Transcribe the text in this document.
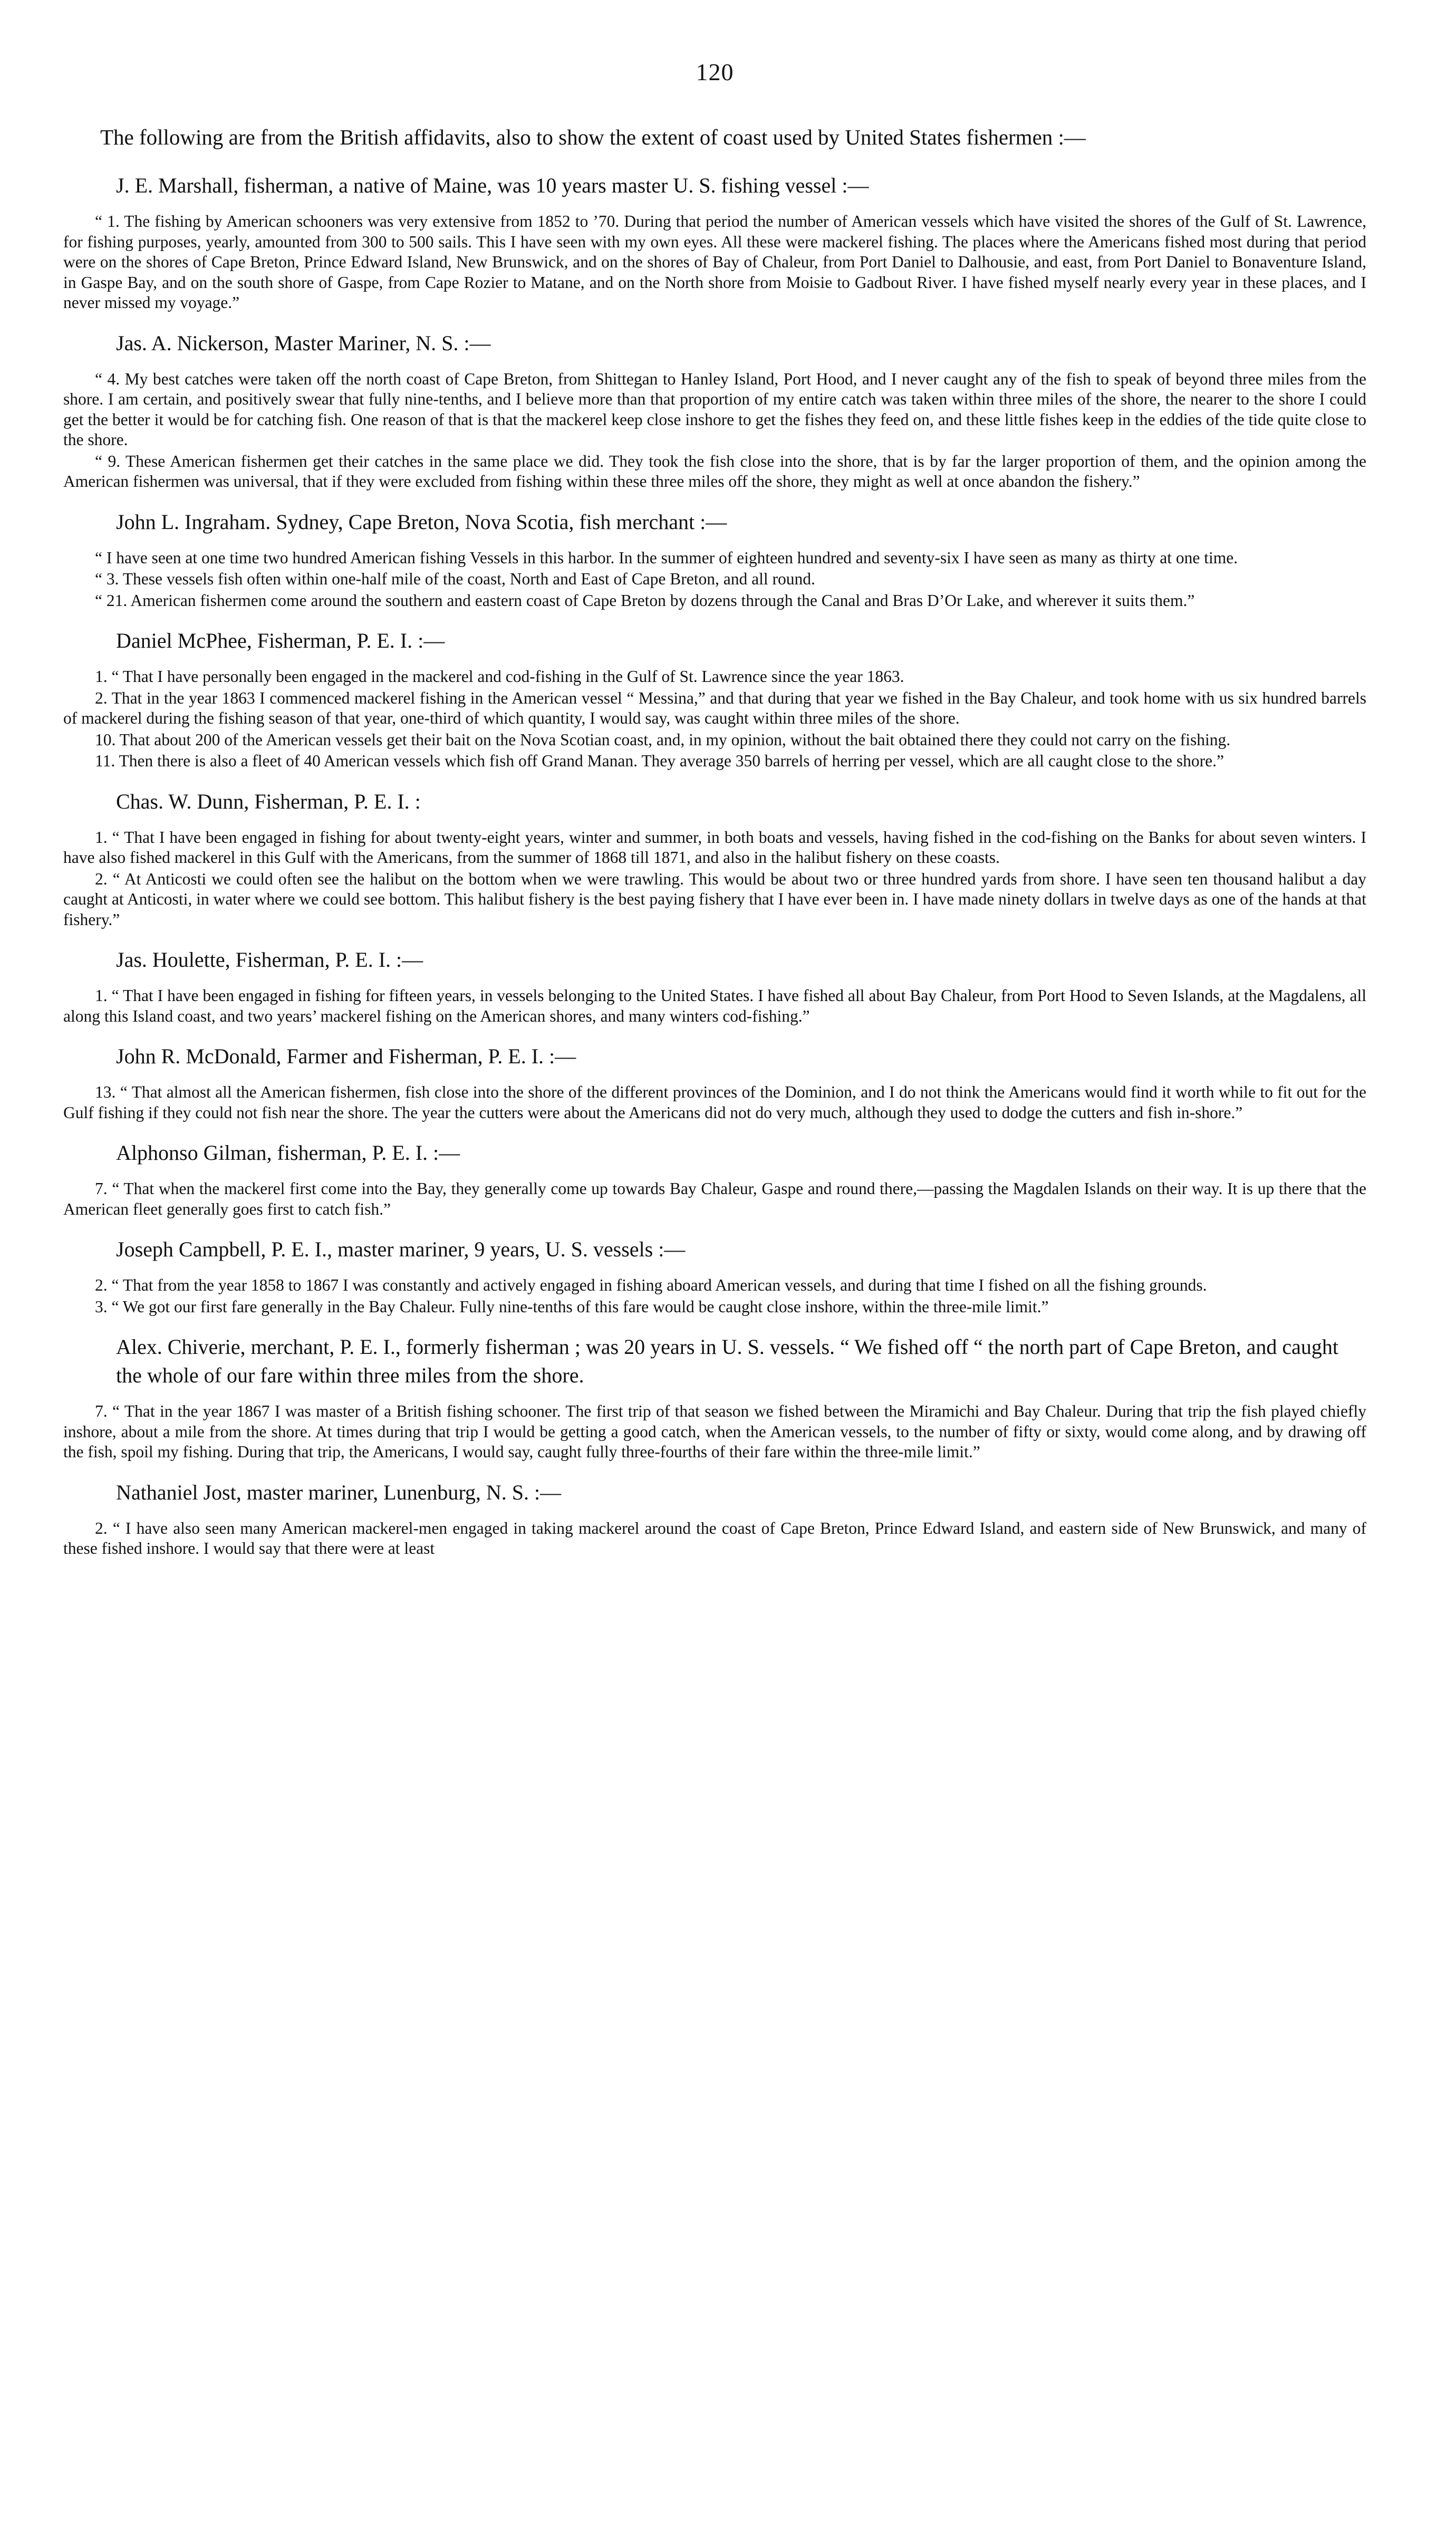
120
The following are from the British affidavits, also to show the extent of coast used by United States fishermen :—
J. E. Marshall, fisherman, a native of Maine, was 10 years master U. S. fishing vessel :—
“ 1. The fishing by American schooners was very extensive from 1852 to ’70. During that period the number of American vessels which have visited the shores of the Gulf of St. Lawrence, for fishing purposes, yearly, amounted from 300 to 500 sails. This I have seen with my own eyes. All these were mackerel fishing. The places where the Americans fished most during that period were on the shores of Cape Breton, Prince Edward Island, New Brunswick, and on the shores of Bay of Chaleur, from Port Daniel to Dalhousie, and east, from Port Daniel to Bonaventure Island, in Gaspe Bay, and on the south shore of Gaspe, from Cape Rozier to Matane, and on the North shore from Moisie to Gadbout River. I have fished myself nearly every year in these places, and I never missed my voyage.”
Jas. A. Nickerson, Master Mariner, N. S. :—
“ 4. My best catches were taken off the north coast of Cape Breton, from Shittegan to Hanley Island, Port Hood, and I never caught any of the fish to speak of beyond three miles from the shore. I am certain, and positively swear that fully nine-tenths, and I believe more than that proportion of my entire catch was taken within three miles of the shore, the nearer to the shore I could get the better it would be for catching fish. One reason of that is that the mackerel keep close inshore to get the fishes they feed on, and these little fishes keep in the eddies of the tide quite close to the shore.
“ 9. These American fishermen get their catches in the same place we did. They took the fish close into the shore, that is by far the larger proportion of them, and the opinion among the American fishermen was universal, that if they were excluded from fishing within these three miles off the shore, they might as well at once abandon the fishery.”
John L. Ingraham. Sydney, Cape Breton, Nova Scotia, fish merchant :—
“ I have seen at one time two hundred American fishing Vessels in this harbor. In the summer of eighteen hundred and seventy-six I have seen as many as thirty at one time.
“ 3. These vessels fish often within one-half mile of the coast, North and East of Cape Breton, and all round.
“ 21. American fishermen come around the southern and eastern coast of Cape Breton by dozens through the Canal and Bras D’Or Lake, and wherever it suits them.”
Daniel McPhee, Fisherman, P. E. I. :—
1. “ That I have personally been engaged in the mackerel and cod-fishing in the Gulf of St. Lawrence since the year 1863.
2. That in the year 1863 I commenced mackerel fishing in the American vessel “ Messina,” and that during that year we fished in the Bay Chaleur, and took home with us six hundred barrels of mackerel during the fishing season of that year, one-third of which quantity, I would say, was caught within three miles of the shore.
10. That about 200 of the American vessels get their bait on the Nova Scotian coast, and, in my opinion, without the bait obtained there they could not carry on the fishing.
11. Then there is also a fleet of 40 American vessels which fish off Grand Manan. They average 350 barrels of herring per vessel, which are all caught close to the shore.”
Chas. W. Dunn, Fisherman, P. E. I. :
1. “ That I have been engaged in fishing for about twenty-eight years, winter and summer, in both boats and vessels, having fished in the cod-fishing on the Banks for about seven winters. I have also fished mackerel in this Gulf with the Americans, from the summer of 1868 till 1871, and also in the halibut fishery on these coasts.
2. “ At Anticosti we could often see the halibut on the bottom when we were trawling. This would be about two or three hundred yards from shore. I have seen ten thousand halibut a day caught at Anticosti, in water where we could see bottom. This halibut fishery is the best paying fishery that I have ever been in. I have made ninety dollars in twelve days as one of the hands at that fishery.”
Jas. Houlette, Fisherman, P. E. I. :—
1. “ That I have been engaged in fishing for fifteen years, in vessels belonging to the United States. I have fished all about Bay Chaleur, from Port Hood to Seven Islands, at the Magdalens, all along this Island coast, and two years’ mackerel fishing on the American shores, and many winters cod-fishing.”
John R. McDonald, Farmer and Fisherman, P. E. I. :—
13. “ That almost all the American fishermen, fish close into the shore of the different provinces of the Dominion, and I do not think the Americans would find it worth while to fit out for the Gulf fishing if they could not fish near the shore. The year the cutters were about the Americans did not do very much, although they used to dodge the cutters and fish in-shore.”
Alphonso Gilman, fisherman, P. E. I. :—
7. “ That when the mackerel first come into the Bay, they generally come up towards Bay Chaleur, Gaspe and round there,—passing the Magdalen Islands on their way. It is up there that the American fleet generally goes first to catch fish.”
Joseph Campbell, P. E. I., master mariner, 9 years, U. S. vessels :—
2. “ That from the year 1858 to 1867 I was constantly and actively engaged in fishing aboard American vessels, and during that time I fished on all the fishing grounds.
3. “ We got our first fare generally in the Bay Chaleur. Fully nine-tenths of this fare would be caught close inshore, within the three-mile limit.”
Alex. Chiverie, merchant, P. E. I., formerly fisherman ; was 20 years in U. S. vessels. “ We fished off “ the north part of Cape Breton, and caught the whole of our fare within three miles from the shore.
7. “ That in the year 1867 I was master of a British fishing schooner. The first trip of that season we fished between the Miramichi and Bay Chaleur. During that trip the fish played chiefly inshore, about a mile from the shore. At times during that trip I would be getting a good catch, when the American vessels, to the number of fifty or sixty, would come along, and by drawing off the fish, spoil my fishing. During that trip, the Americans, I would say, caught fully three-fourths of their fare within the three-mile limit.”
Nathaniel Jost, master mariner, Lunenburg, N. S. :—
2. “ I have also seen many American mackerel-men engaged in taking mackerel around the coast of Cape Breton, Prince Edward Island, and eastern side of New Brunswick, and many of these fished inshore. I would say that there were at least
